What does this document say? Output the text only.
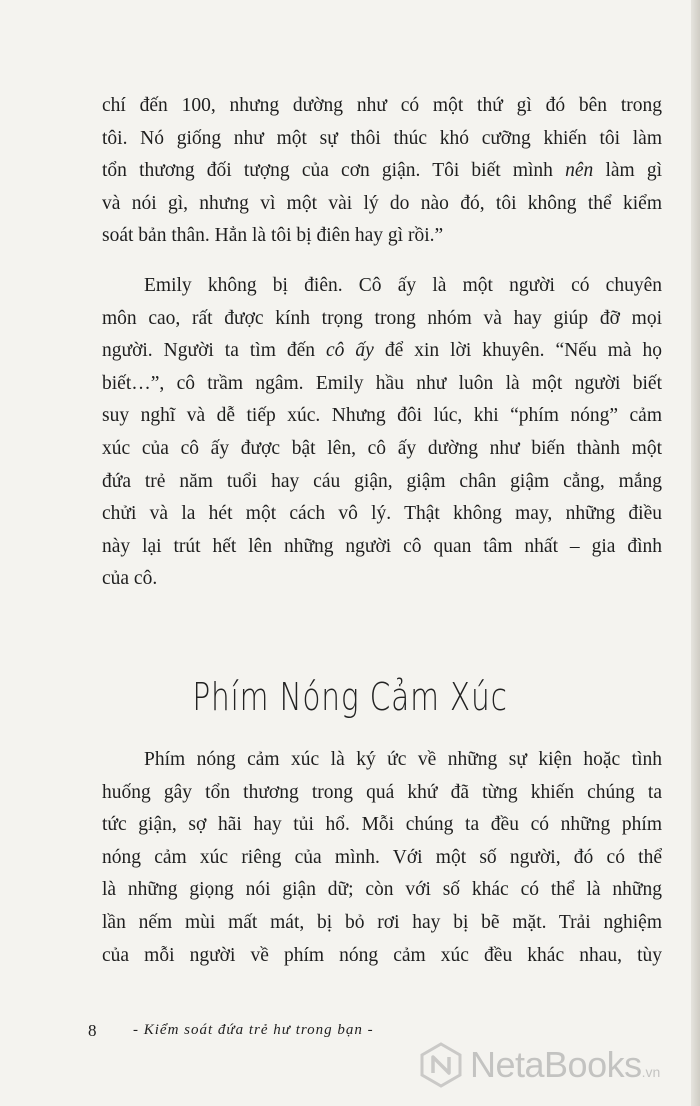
chí đến 100, nhưng dường như có một thứ gì đó bên trong
tôi. Nó giống như một sự thôi thúc khó cưỡng khiến tôi làm
tổn thương đối tượng của cơn giận. Tôi biết mình nên làm gì
và nói gì, nhưng vì một vài lý do nào đó, tôi không thể kiểm
soát bản thân. Hẳn là tôi bị điên hay gì rồi.”
Emily không bị điên. Cô ấy là một người có chuyên
môn cao, rất được kính trọng trong nhóm và hay giúp đỡ mọi
người. Người ta tìm đến cô ấy để xin lời khuyên. “Nếu mà họ
biết…”, cô trầm ngâm. Emily hầu như luôn là một người biết
suy nghĩ và dễ tiếp xúc. Nhưng đôi lúc, khi “phím nóng” cảm
xúc của cô ấy được bật lên, cô ấy dường như biến thành một
đứa trẻ năm tuổi hay cáu giận, giậm chân giậm cẳng, mắng
chửi và la hét một cách vô lý. Thật không may, những điều
này lại trút hết lên những người cô quan tâm nhất – gia đình
của cô.
Phím Nóng Cảm Xúc
Phím nóng cảm xúc là ký ức về những sự kiện hoặc tình
huống gây tổn thương trong quá khứ đã từng khiến chúng ta
tức giận, sợ hãi hay tủi hổ. Mỗi chúng ta đều có những phím
nóng cảm xúc riêng của mình. Với một số người, đó có thể
là những giọng nói giận dữ; còn với số khác có thể là những
lần nếm mùi mất mát, bị bỏ rơi hay bị bẽ mặt. Trải nghiệm
của mỗi người về phím nóng cảm xúc đều khác nhau, tùy
8 - Kiểm soát đứa trẻ hư trong bạn -
NetaBooks .vn
